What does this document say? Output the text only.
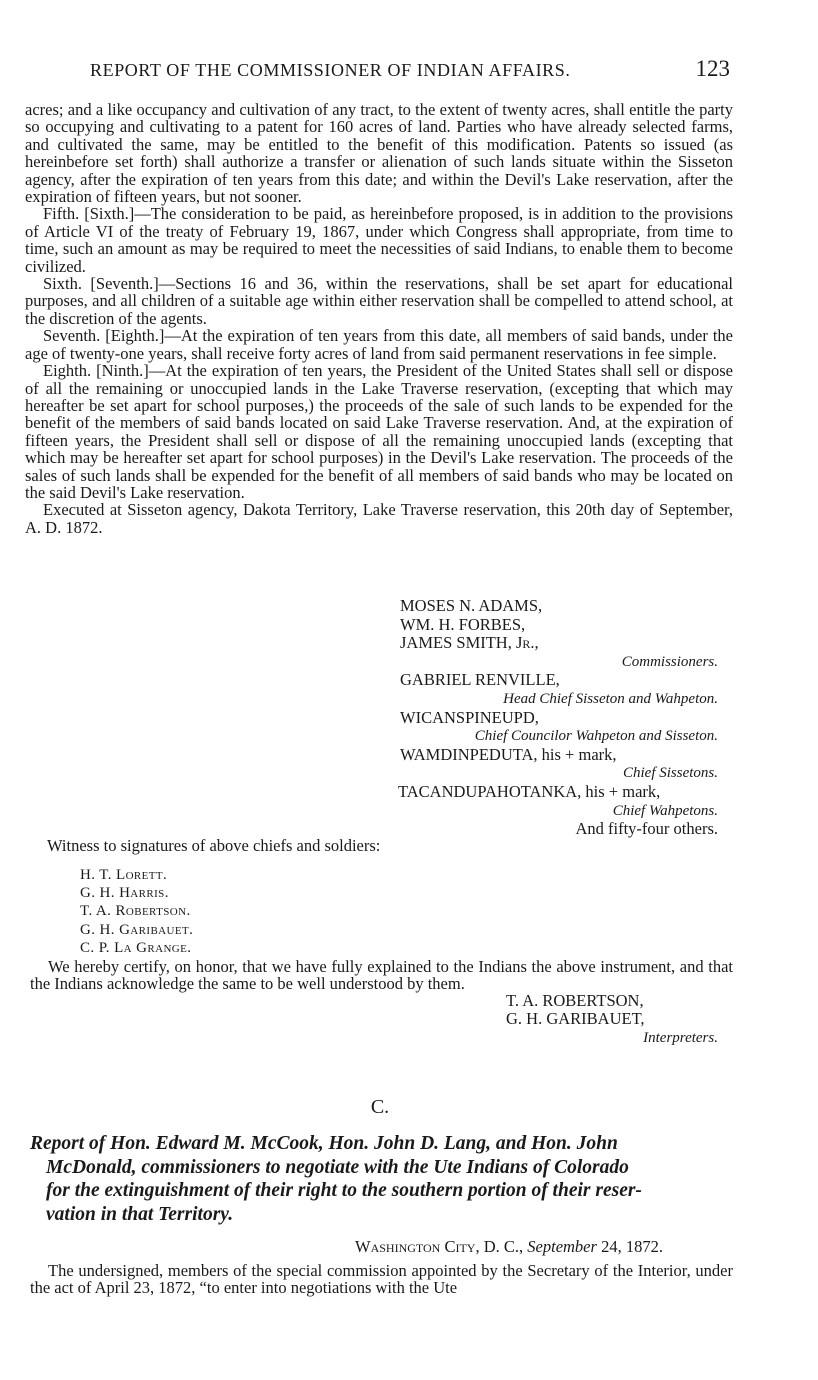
REPORT OF THE COMMISSIONER OF INDIAN AFFAIRS.	123

acres; and a like occupancy and cultivation of any tract, to the extent of twenty acres, shall entitle the party so occupying and cultivating to a patent for 160 acres of land. Parties who have already selected farms, and cultivated the same, may be entitled to the benefit of this modification. Patents so issued (as hereinbefore set forth) shall authorize a transfer or alienation of such lands situate within the Sisseton agency, after the expiration of ten years from this date; and within the Devil's Lake reservation, after the expiration of fifteen years, but not sooner.

Fifth. [Sixth.]—The consideration to be paid, as hereinbefore proposed, is in addition to the provisions of Article VI of the treaty of February 19, 1867, under which Congress shall appropriate, from time to time, such an amount as may be required to meet the necessities of said Indians, to enable them to become civilized.

Sixth. [Seventh.]—Sections 16 and 36, within the reservations, shall be set apart for educational purposes, and all children of a suitable age within either reservation shall be compelled to attend school, at the discretion of the agents.

Seventh. [Eighth.]—At the expiration of ten years from this date, all members of said bands, under the age of twenty-one years, shall receive forty acres of land from said permanent reservations in fee simple.

Eighth. [Ninth.]—At the expiration of ten years, the President of the United States shall sell or dispose of all the remaining or unoccupied lands in the Lake Traverse reservation, (excepting that which may hereafter be set apart for school purposes,) the proceeds of the sale of such lands to be expended for the benefit of the members of said bands located on said Lake Traverse reservation. And, at the expiration of fifteen years, the President shall sell or dispose of all the remaining unoccupied lands (excepting that which may be hereafter set apart for school purposes) in the Devil's Lake reservation. The proceeds of the sales of such lands shall be expended for the benefit of all members of said bands who may be located on the said Devil's Lake reservation.

Executed at Sisseton agency, Dakota Territory, Lake Traverse reservation, this 20th day of September, A. D. 1872.

MOSES N. ADAMS,
WM. H. FORBES,
JAMES SMITH, Jr.,
Commissioners.
GABRIEL RENVILLE,
Head Chief Sisseton and Wahpeton.
WICANSPINEUPD,
Chief Councilor Wahpeton and Sisseton.
WAMDINPEDUTA, his + mark,
Chief Sissetons.
TACANDUPAHOTANKA, his + mark,
Chief Wahpetons.
And fifty-four others.
Witness to signatures of above chiefs and soldiers:
H. T. Lorett.
G. H. Harris.
T. A. Robertson.
G. H. Garibauet.
C. P. La Grange.

We hereby certify, on honor, that we have fully explained to the Indians the above instrument, and that the Indians acknowledge the same to be well understood by them.

T. A. ROBERTSON,
G. H. GARIBAUET,
Interpreters.
C.
Report of Hon. Edward M. McCook, Hon. John D. Lang, and Hon. John
McDonald, commissioners to negotiate with the Ute Indians of Colorado
for the extinguishment of their right to the southern portion of their reser-
vation in that Territory.
Washington City, D. C., September 24, 1872.

The undersigned, members of the special commission appointed by the Secretary of the Interior, under the act of April 23, 1872, “to enter into negotiations with the Ute
